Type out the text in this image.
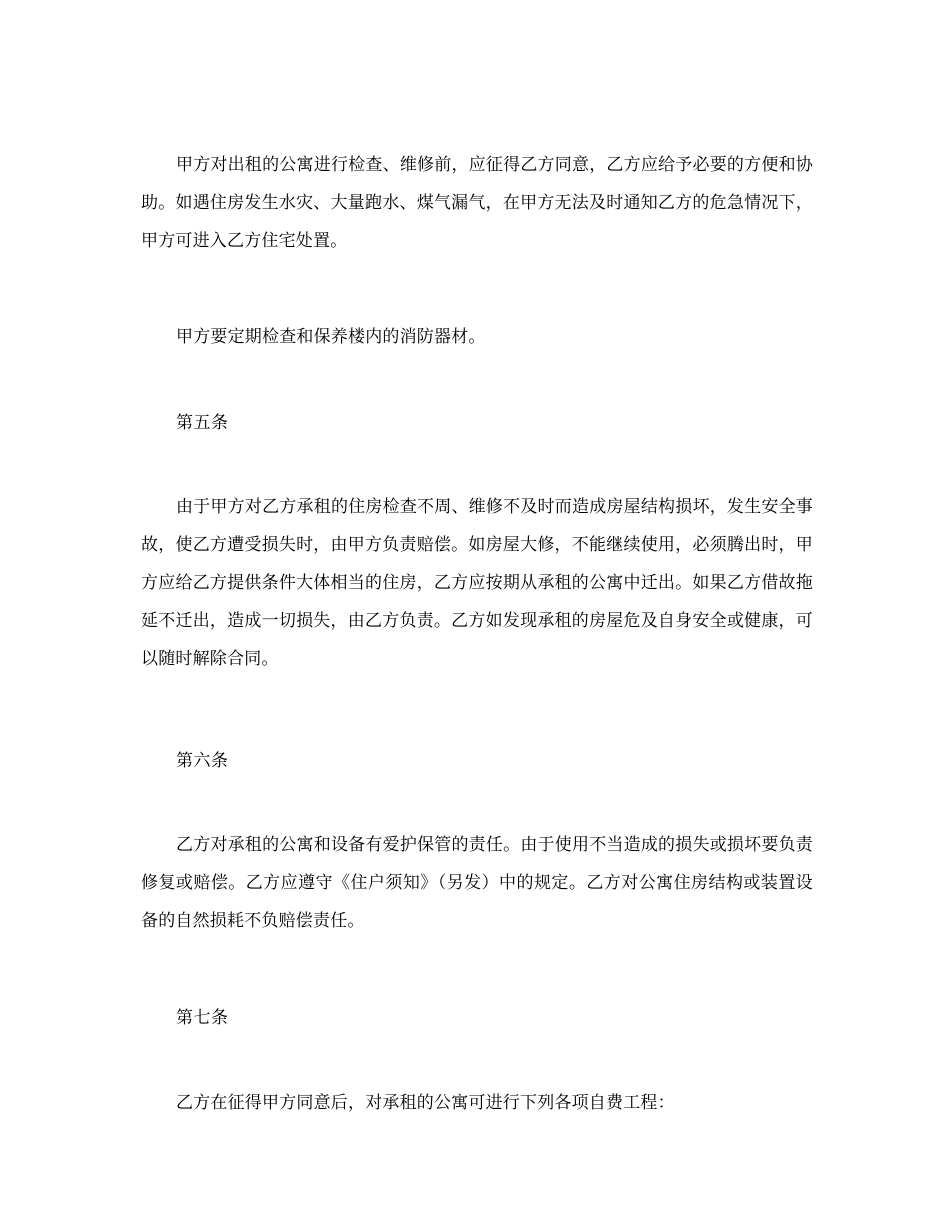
甲方对出租的公寓进行检查、维修前，应征得乙方同意，乙方应给予必要的方便和协助。如遇住房发生水灾、大量跑水、煤气漏气，在甲方无法及时通知乙方的危急情况下，甲方可进入乙方住宅处置。

甲方要定期检查和保养楼内的消防器材。

第五条

由于甲方对乙方承租的住房检查不周、维修不及时而造成房屋结构损坏，发生安全事故，使乙方遭受损失时，由甲方负责赔偿。如房屋大修，不能继续使用，必须腾出时，甲方应给乙方提供条件大体相当的住房，乙方应按期从承租的公寓中迁出。如果乙方借故拖延不迁出，造成一切损失，由乙方负责。乙方如发现承租的房屋危及自身安全或健康，可以随时解除合同。

第六条

乙方对承租的公寓和设备有爱护保管的责任。由于使用不当造成的损失或损坏要负责修复或赔偿。乙方应遵守《住户须知》（另发）中的规定。乙方对公寓住房结构或装置设备的自然损耗不负赔偿责任。

第七条

乙方在征得甲方同意后，对承租的公寓可进行下列各项自费工程：
